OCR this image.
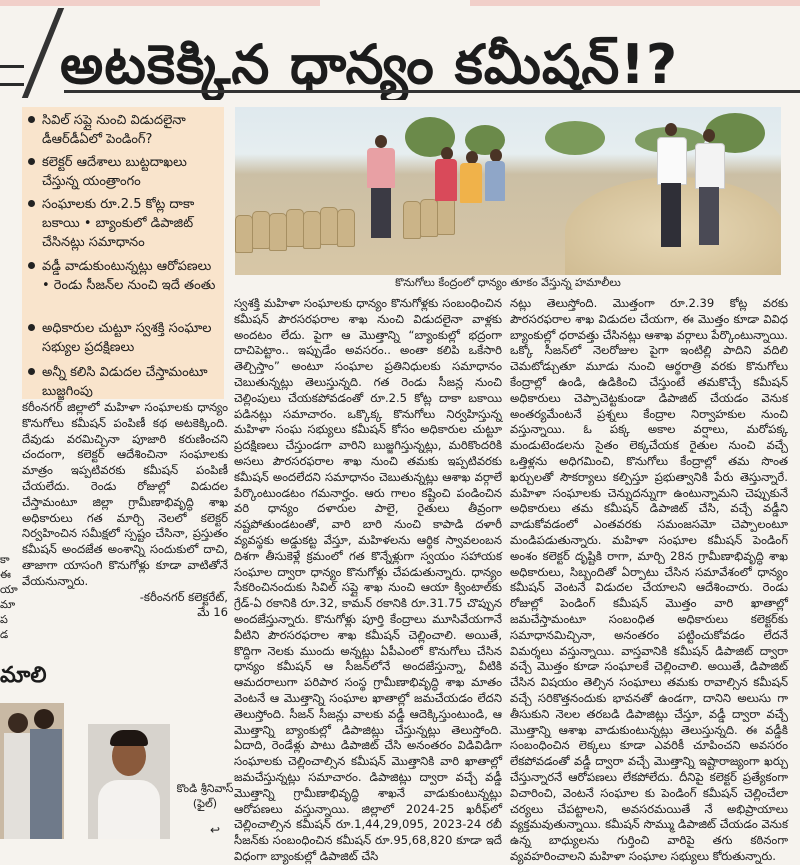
కా
ఈ
యా
మా
ప
డ
అటకెక్కిన ధాన్యం కమీషన్‌!?
సివిల్‌ సప్లై నుంచి విడుదలైనా డీఆర్‌డీఏలో పెండింగ్‌?
కలెక్టర్‌ ఆదేశాలు బుట్టదాఖలు చేస్తున్న యంత్రాంగం
సంఘాలకు రూ.2.5 కోట్ల దాకా బకాయి • బ్యాంకులో డిపాజిట్‌ చేసినట్లు సమాధానం
వడ్డీ వాడుకుంటున్నట్లు ఆరోపణలు • రెండు సీజన్‌ల నుంచి ఇదే తంతు
అధికారుల చుట్టూ స్వశక్తి సంఘాల సభ్యుల ప్రదక్షిణలు
అన్నీ కలిసి విడుదల చేస్తామంటూ బుజ్జగింపు
కొనుగోలు కేంద్రంలో ధాన్యం తూకం వేస్తున్న హమాలీలు
కరీంనగర్‌ జిల్లాలో మహిళా సంఘాలకు ధాన్యం కొనుగోలు కమీషన్‌ పంపిణీ కథ అటకెక్కింది. దేవుడు వరమిచ్చినా పూజారి కరుణించని చందంగా, కలెక్టర్‌ ఆదేశించినా సంఘాలకు మాత్రం ఇప్పటివరకు కమీషన్‌ పంపిణీ చేయలేదు. రెండు రోజుల్లో విడుదల చేస్తామంటూ జిల్లా గ్రామీణాభివృద్ధి శాఖ అధికారులు గత మార్చి నెలలో కలెక్టర్‌ నిర్వహించిన సమీక్షలో స్పష్టం చేసినా, ప్రస్తుతం కమీషన్‌ అందజేత అంశాన్ని సందుకులో దాచి, తాజాగా యాసంగి కొనుగోళ్లు కూడా వాటితోనే వేయనున్నారు.
-కరీంనగర్‌ కలెక్టరేట్‌,
మే 16
స్వశక్తి మహిళా సంఘాలకు ధాన్యం కొనుగోళ్లకు సంబంధించిన కమీషన్‌ పౌరసరఫరాల శాఖ నుంచి విడుదలైనా వాళ్లకు అందటం లేదు. పైగా ఆ మొత్తాన్ని “బ్యాంకుల్లో భద్రంగా దాచిపెట్టాం.. ఇప్పుడేం అవసరం.. అంతా కలిపి ఒకేసారి తెల్చిస్తాం” అంటూ సంఘాల ప్రతినిధులకు సమాధానం చెబుతున్నట్లు తెలుస్తున్నది. గత రెండు సీజన్ల నుంచి చెల్లింపులు చేయకపోవడంతో రూ.2.5 కోట్ల దాకా బకాయి పడినట్లు సమాచారం. ఒక్కొక్క కొనుగోలు నిర్వహిస్తున్న మహిళా సంఘ సభ్యులు కమీషన్‌ కోసం అధికారుల చుట్టూ ప్రదక్షిణలు చేస్తుండగా వారిని బుజ్జగిస్తున్నట్లు, మరికొందరికి అసలు పౌరసరఫరాల శాఖ నుంచి తమకు ఇప్పటివరకు కమీషన్‌ అందలేదని సమాధానం చెబుతున్నట్లు ఆశాఖ వర్గాలే పేర్కొంటుండటం గమనార్హం. ఆరు గాలం కష్టించి పండించిన వరి ధాన్యం దళారుల పాలై, రైతులు తీవ్రంగా నష్టపోతుండటంతో, వారి బారి నుంచి కాపాడి దళారీ వ్యవస్థకు అడ్డుకట్ట వేస్తూ, మహిళలను ఆర్థిక స్వావలంబన దిశగా తీసుకెళ్లే క్రమంలో గత కొన్నేళ్లుగా స్వయం సహాయక సంఘాల ద్వారా ధాన్యం కొనుగోళ్లు చేపడుతున్నారు. ధాన్యం సేకరించినందుకు సివిల్‌ సప్లై శాఖ నుంచి ఆయా క్వింటాల్‌కు గ్రేడ్‌-ఏ రకానికి రూ.32, కామన్‌ రకానికి రూ.31.75 చొప్పున అందజేస్తున్నారు. కొనుగోళ్లు పూర్తి కేంద్రాలు మూసివేయగానే వీటిని పౌరసరఫరాల శాఖ కమీషన్‌ చెల్లించాలి. అయితే, కొద్దిగా నెలకు ముందు అన్నట్లు ఏపీఎంలో కొనుగోలు చేసిన ధాన్యం కమీషన్‌ ఆ సీజన్‌లోనే అందజేస్తున్నా, వీటికి ఆమదరాలుగా పరిపార సంస్థ గ్రామీణాభివృద్ధి శాఖ మాతం వెంటనే ఆ మొత్తాన్ని సంఘాల ఖాతాల్లో జమచేయడం లేదని తెలుస్తోంది. సీజన్‌ సీజన్లు వాలకు వడ్డీ ఆదెక్కిస్తుంటుండి, ఆ మొత్తాన్ని బ్యాంకుల్లో డిపాజిట్లు చేస్తున్నట్లు తెలుస్తోంది. ఏదాది, రెండేళ్లు పాటు డిపాజిట్‌ చేసి అనంతరం విడివిడిగా సంఘాలకు చెల్లించాల్సిన కమీషన్‌ మొత్తానికి వారి ఖాతాల్లో జమచేస్తున్నట్లు సమాచారం. డిపాజిట్లు ద్వారా వచ్చే వడ్డీ మొత్తాన్ని గ్రామీణాభివృద్ధి శాఖనే వాడుకుంటున్నట్లు ఆరోపణలు వస్తున్నాయి. జిల్లాలో 2024-25 ఖరీఫ్‌లో చెల్లించాల్సిన కమీషన్‌ రూ.1,44,29,095, 2023-24 రబీ సీజన్‌కు సంబంధించిన కమీషన్‌ రూ.95,68,820 కూడా ఇదే విధంగా బ్యాంకుల్లో డిపాజిట్‌ చేసి
నట్లు తెలుస్తోంది. మొత్తంగా రూ.2.39 కోట్ల వరకు పౌరసరఫరాల శాఖ విడుదల చేయగా, ఈ మొత్తం కూడా వివిధ బ్యాంకుల్లో ధరావత్తు చేసినట్లు ఆశాఖ వర్గాలు పేర్కొంటున్నాయి. ఒక్కో సీజన్‌లో నెలరోజుల పైగా ఇంటిల్లి పాదిని వదిలి చెమటోడ్చుతూ మూడు నుంచి ఆర్థరాత్రి వరకు కొనుగోలు కేంద్రాల్లో ఉండి, ఉడికించి చేస్తుంటే తమకొచ్చే కమీషన్‌ అధికారులు చెప్పాచెట్టకుండా డిపాజిట్‌ చేయడం వెనుక అంతర్యమేంటనే ప్రశ్నలు కేంద్రాల నిర్వాహకుల నుంచి వస్తున్నాయి. ఓ పక్క అకాల వర్షాలు, మరోపక్క మండుటెండలను సైతం లెక్కచేయక రైతుల నుంచి వచ్చే ఒత్తిళ్లను అధిగమించి, కొనుగోలు కేంద్రాల్లో తమ సొంత ఖర్చులతో సౌకర్యాలు కల్పిస్తూ ప్రభుత్వానికి పేరు తెస్తున్నారే. మహిళా సంఘాలకు చెన్నుదన్నుగా ఉంటున్నామని చెప్పుకునే అధికారులు తమ కమీషన్‌ డిపాజిట్‌ చేసి, వచ్చే వడ్డీని వాడుకోవడంలో ఎంతవరకు సమంజసమో చెప్పాలంటూ మండిపడుతున్నారు. మహిళా సంఘాల కమీషన్‌ పెండింగ్‌ అంశం కలెక్టర్‌ దృష్టికి రాగా, మార్చి 28న గ్రామీణాభివృద్ధి శాఖ అధికారులు, సిబ్బందితో ఏర్పాటు చేసిన సమావేశంలో ధాన్యం కమీషన్‌ వెంటనే విడుదల చేయాలని ఆదేశించారు. రెండు రోజుల్లో పెండింగ్‌ కమీషన్‌ మొత్తం వారి ఖాతాల్లో జమచేస్తామంటూ సంబంధిత అధికారులు కలెక్టర్‌కు సమాధానమిచ్చినా, అనంతరం పట్టించుకోవడం లేదనే విమర్శలు వస్తున్నాయి. వాస్తవానికి కమీషన్‌ డిపాజిట్‌ ద్వారా వచ్చే మొత్తం కూడా సంఘాలకే చెల్లించాలి. అయితే, డిపాజిట్‌ చేసిన విషయం తెల్సిన సంఘాలు తమకు రావాల్సిన కమీషన్‌ వచ్చే సరికొత్తనందుకు భావనతో ఉండగా, దానిని అలుసు గా తీసుకుని నెలల తరబడి డిపాజిట్లు చేస్తూ, వడ్డీ ద్వారా వచ్చే మొత్తాన్ని ఆశాఖ వాడుకుంటున్నట్లు తెలుస్తున్నది. ఈ వడ్డీకి సంబంధించిన లెక్కలు కూడా ఎవరికీ చూపించని అవసరం లేకపోవడంతో వడ్డీ ద్వారా వచ్చే మొత్తాన్ని ఇష్టారాజ్యంగా ఖర్చు చేస్తున్నారనే ఆరోపణలు లేకపోలేదు. దీనిపై కలెక్టర్‌ ప్రత్యేకంగా విచారించి, వెంటనే సంఘాల కు పెండింగ్‌ కమీషన్‌ చెల్లించేలా చర్యలు చేపట్టాలని, అవసరమయితే నే అభిప్రాయాలు వ్యక్తమవుతున్నాయి. కమీషన్‌ సొమ్ము డిపాజిట్‌ చేయడం వెనుక ఉన్న బాధ్యులను గుర్తించి వారిపై తగు కఠినంగా వ్యవహరించాలని మహిళా సంఘాల సభ్యులు కోరుతున్నారు.
మాలి
కొండి శ్రీనివాస్‌
(ఫైల్‌)
↩
